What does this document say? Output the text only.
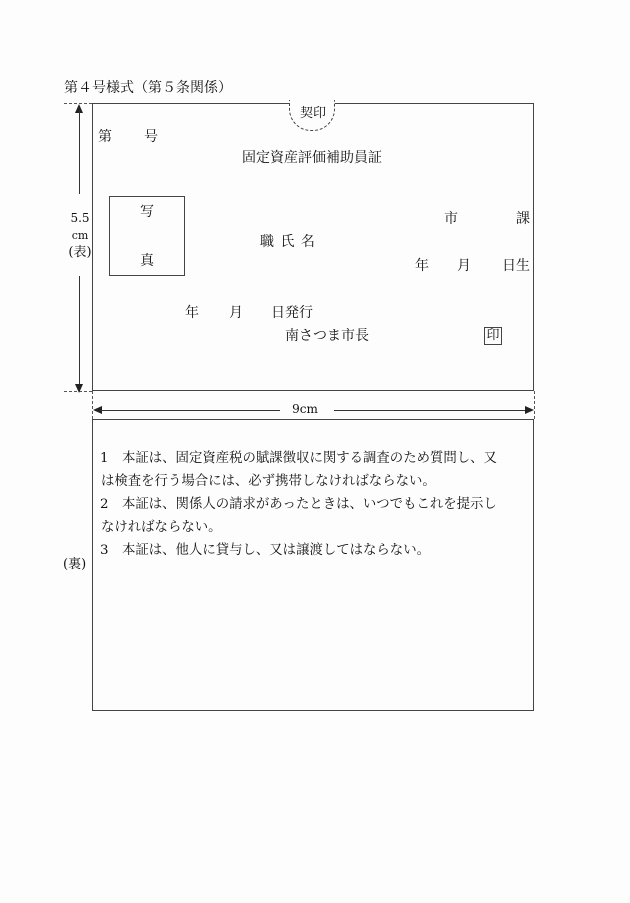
第４号様式（第５条関係）
契印
第 号
固定資産評価補助員証
写
真
市	課
職 氏 名
年 月 日生
年 月 日発行
南さつま市長	印
5.5
cm
(表)
9cm
(裏)
1 本証は、固定資産税の賦課徴収に関する調査のため質問し、又
は検査を行う場合には、必ず携帯しなければならない。
2 本証は、関係人の請求があったときは、いつでもこれを提示し
なければならない。
3 本証は、他人に貸与し、又は譲渡してはならない。
